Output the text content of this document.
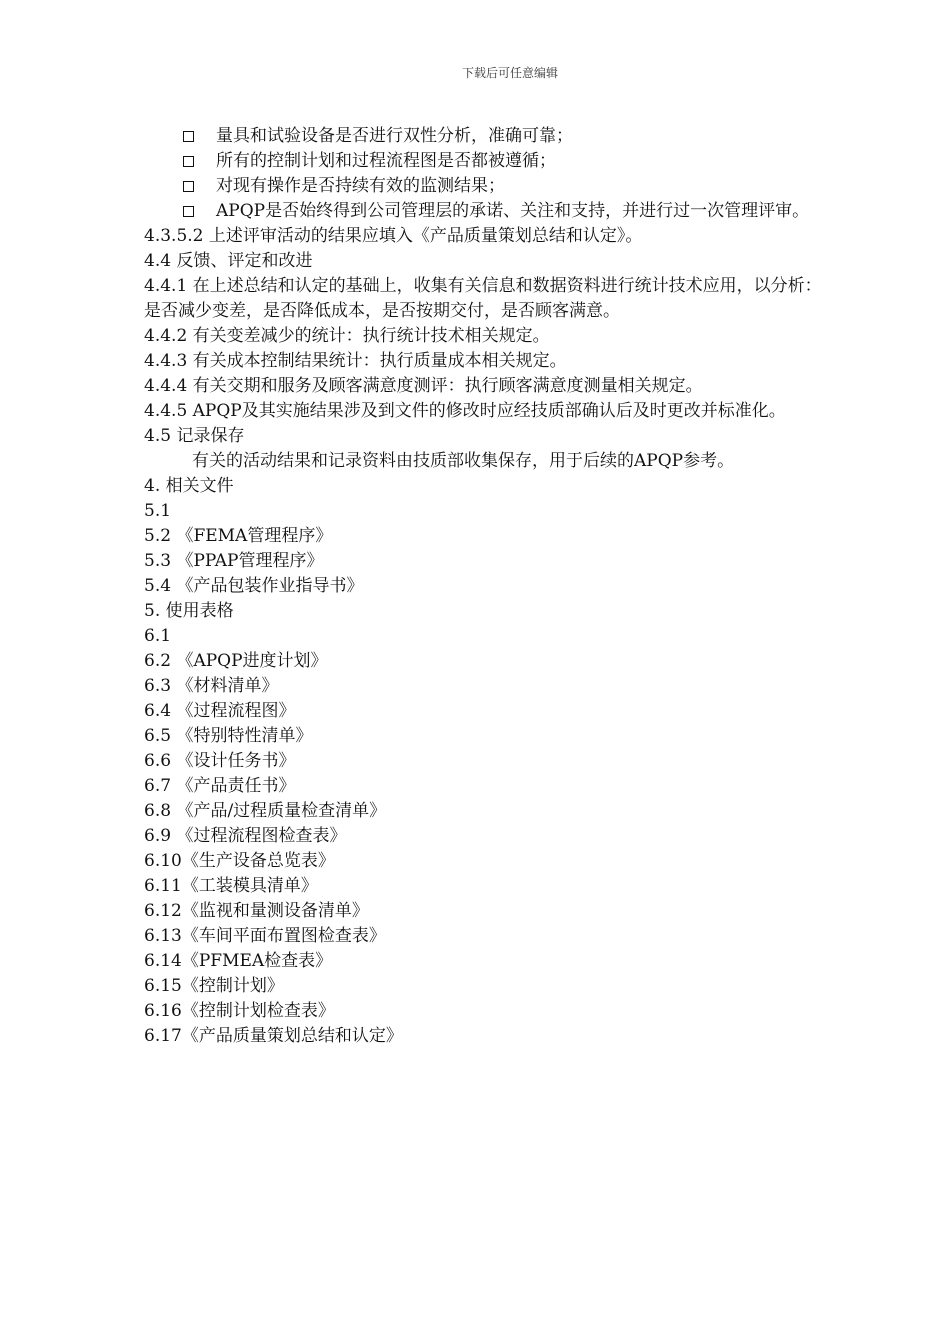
下载后可任意编辑
量具和试验设备是否进行双性分析，准确可靠；
所有的控制计划和过程流程图是否都被遵循；
对现有操作是否持续有效的监测结果；
APQP是否始终得到公司管理层的承诺、关注和支持，并进行过一次管理评审。
4.3.5.2 上述评审活动的结果应填入《产品质量策划总结和认定》。
4.4 反馈、评定和改进
4.4.1 在上述总结和认定的基础上，收集有关信息和数据资料进行统计技术应用，以分析：
是否减少变差，是否降低成本，是否按期交付，是否顾客满意。
4.4.2 有关变差减少的统计：执行统计技术相关规定。
4.4.3 有关成本控制结果统计：执行质量成本相关规定。
4.4.4 有关交期和服务及顾客满意度测评：执行顾客满意度测量相关规定。
4.4.5 APQP及其实施结果涉及到文件的修改时应经技质部确认后及时更改并标准化。
4.5 记录保存
有关的活动结果和记录资料由技质部收集保存，用于后续的APQP参考。
4. 相关文件
5.1
5.2 《FEMA管理程序》
5.3 《PPAP管理程序》
5.4 《产品包装作业指导书》
5. 使用表格
6.1
6.2 《APQP进度计划》
6.3 《材料清单》
6.4 《过程流程图》
6.5 《特别特性清单》
6.6 《设计任务书》
6.7 《产品责任书》
6.8 《产品/过程质量检查清单》
6.9 《过程流程图检查表》
6.10《生产设备总览表》
6.11《工装模具清单》
6.12《监视和量测设备清单》
6.13《车间平面布置图检查表》
6.14《PFMEA检查表》
6.15《控制计划》
6.16《控制计划检查表》
6.17《产品质量策划总结和认定》
